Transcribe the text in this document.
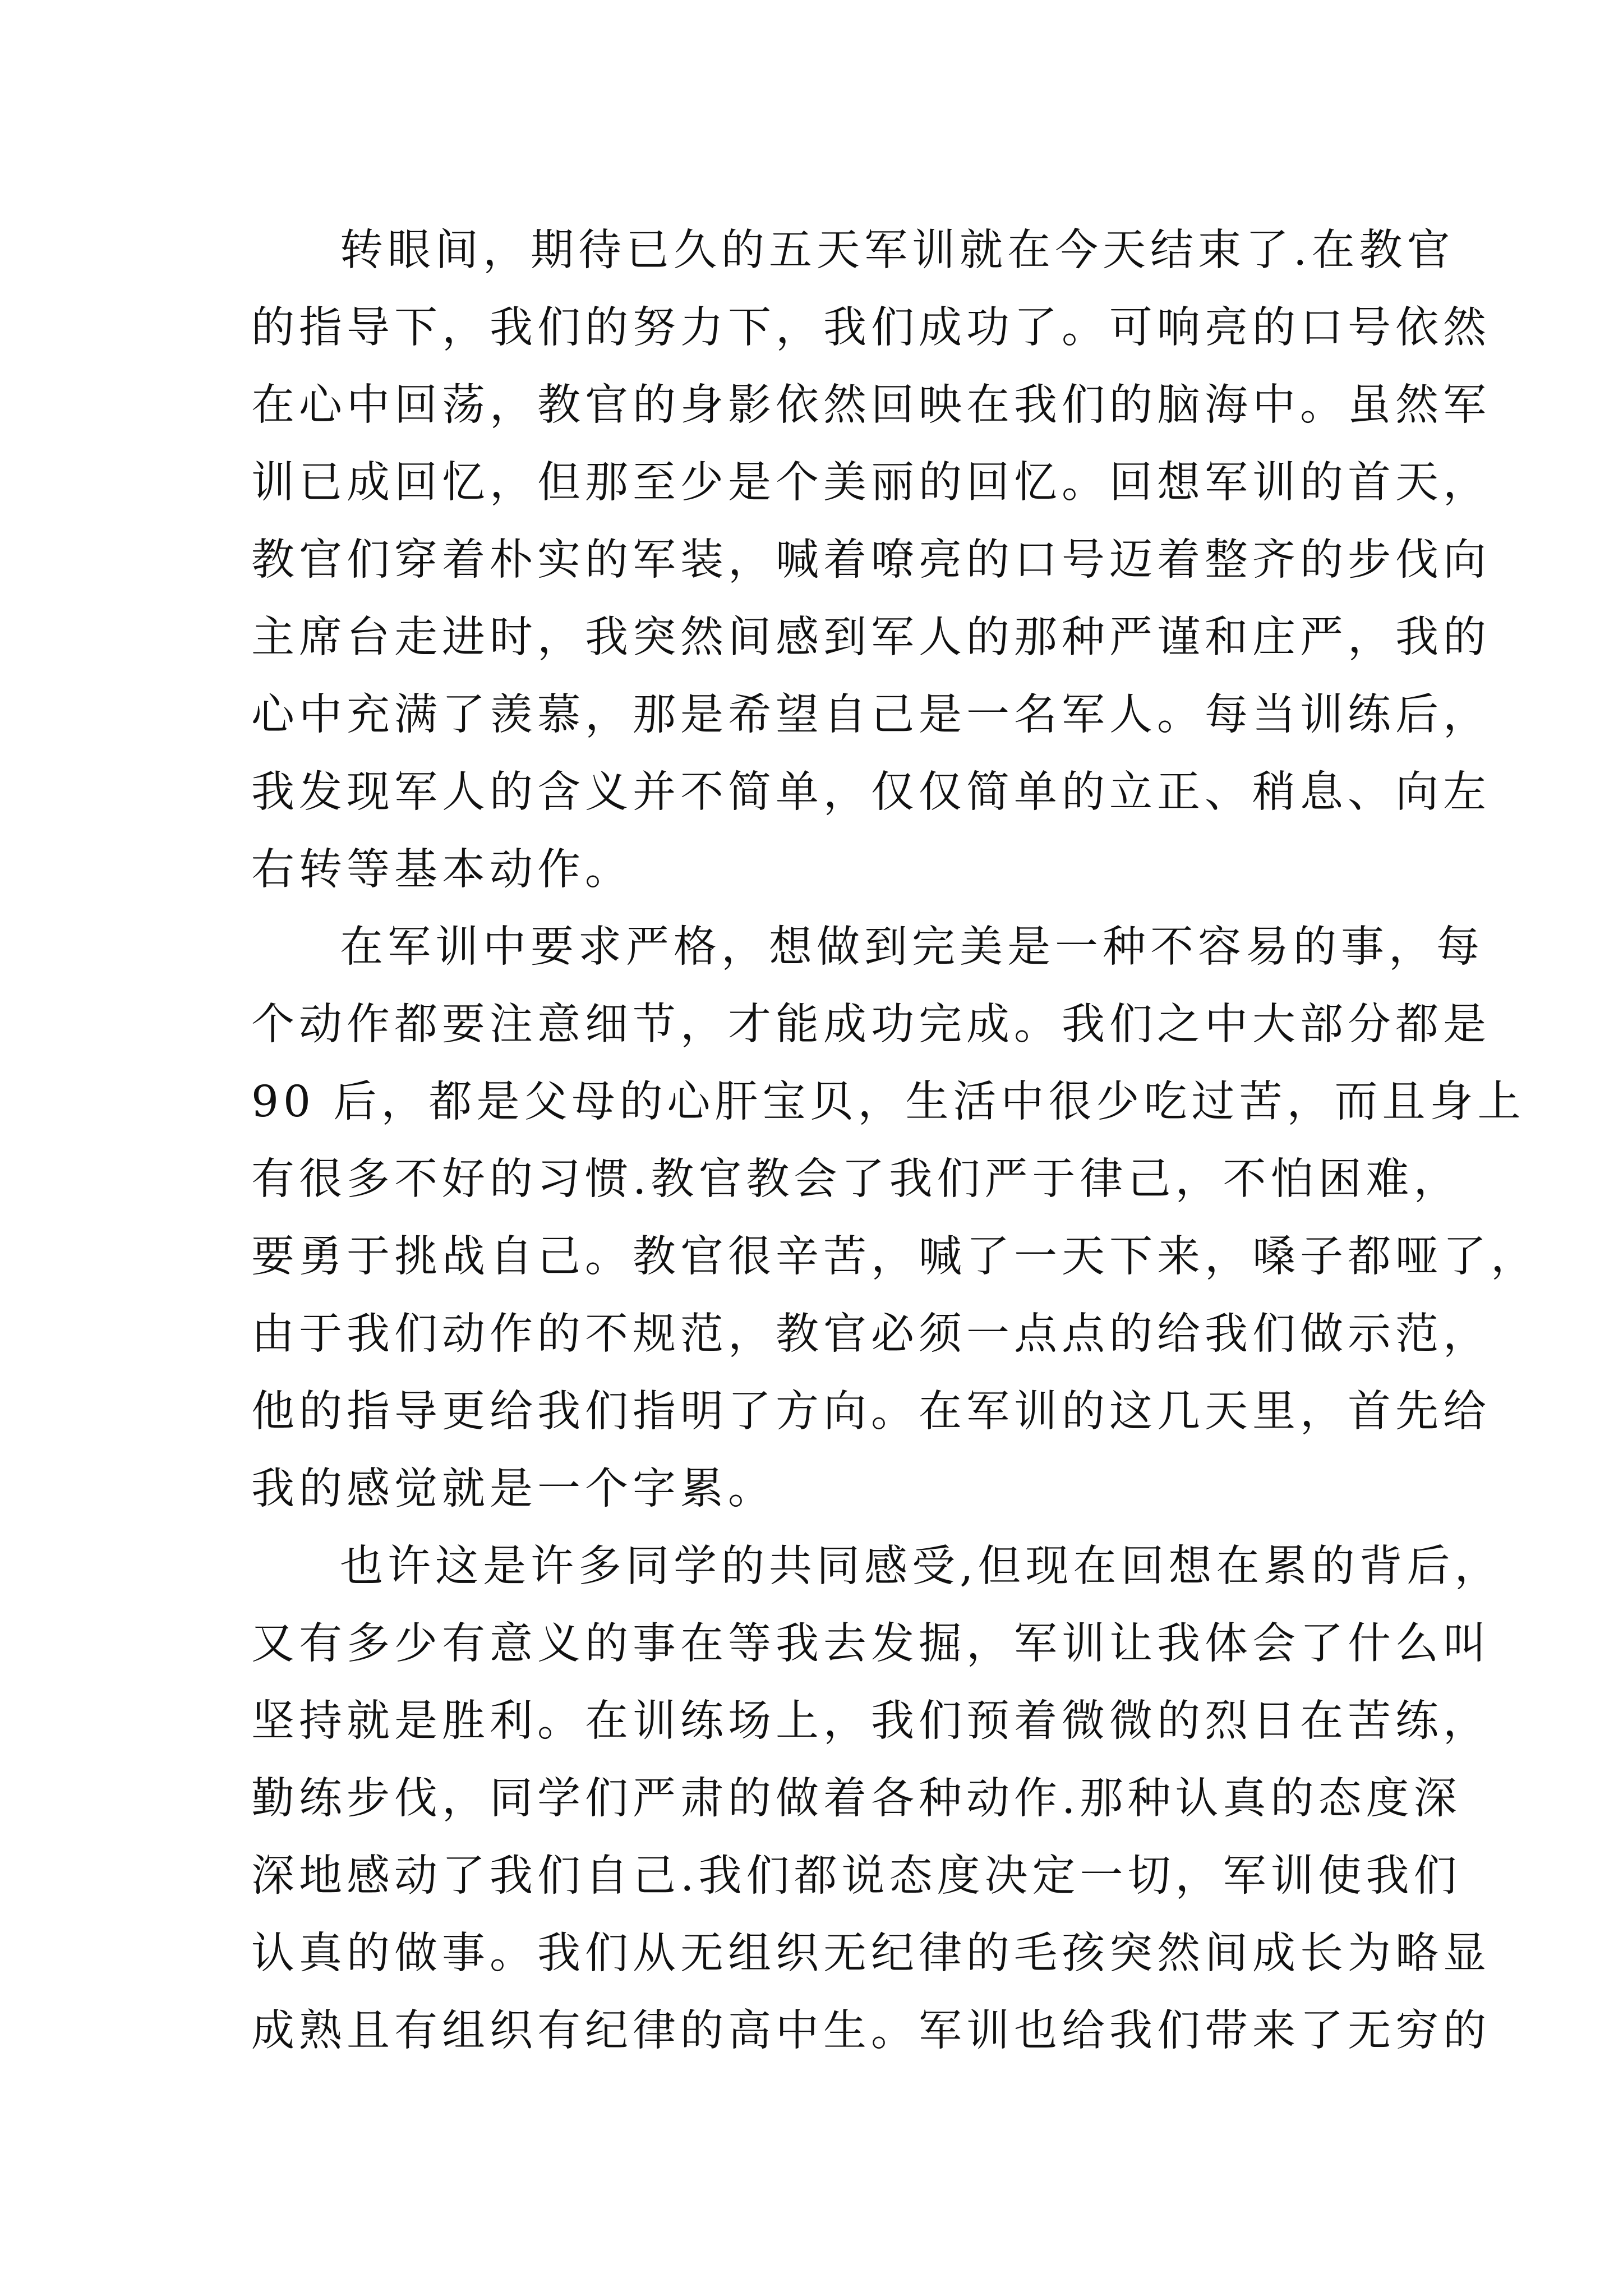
转眼间，期待已久的五天军训就在今天结束了.在教官
的指导下，我们的努力下，我们成功了。可响亮的口号依然
在心中回荡，教官的身影依然回映在我们的脑海中。虽然军
训已成回忆，但那至少是个美丽的回忆。回想军训的首天，
教官们穿着朴实的军装，喊着嘹亮的口号迈着整齐的步伐向
主席台走进时，我突然间感到军人的那种严谨和庄严，我的
心中充满了羡慕，那是希望自己是一名军人。每当训练后，
我发现军人的含义并不简单，仅仅简单的立正、稍息、向左
右转等基本动作。
在军训中要求严格，想做到完美是一种不容易的事，每
个动作都要注意细节，才能成功完成。我们之中大部分都是
90 后，都是父母的心肝宝贝，生活中很少吃过苦，而且身上
有很多不好的习惯.教官教会了我们严于律己，不怕困难，
要勇于挑战自己。教官很辛苦，喊了一天下来，嗓子都哑了，
由于我们动作的不规范，教官必须一点点的给我们做示范，
他的指导更给我们指明了方向。在军训的这几天里，首先给
我的感觉就是一个字累。
也许这是许多同学的共同感受,但现在回想在累的背后，
又有多少有意义的事在等我去发掘，军训让我体会了什么叫
坚持就是胜利。在训练场上，我们预着微微的烈日在苦练，
勤练步伐，同学们严肃的做着各种动作.那种认真的态度深
深地感动了我们自己.我们都说态度决定一切，军训使我们
认真的做事。我们从无组织无纪律的毛孩突然间成长为略显
成熟且有组织有纪律的高中生。军训也给我们带来了无穷的
